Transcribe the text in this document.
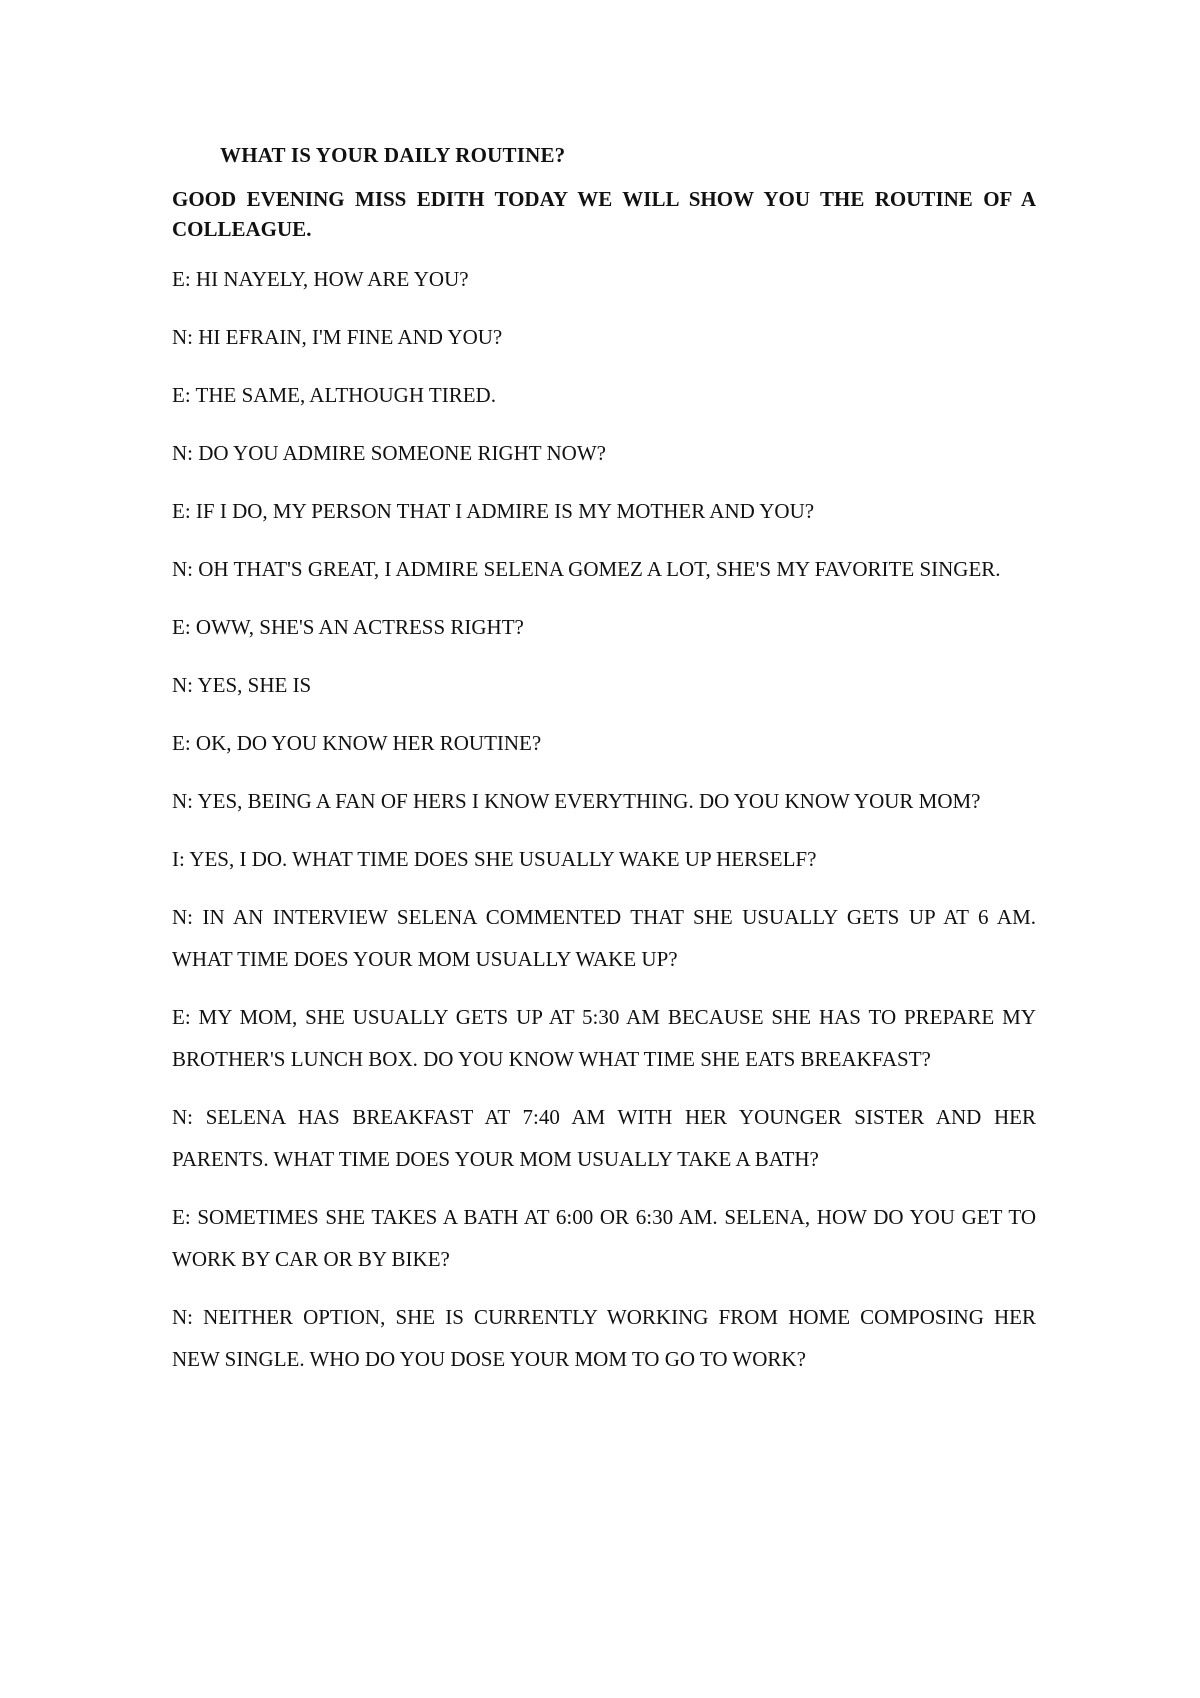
WHAT IS YOUR DAILY ROUTINE?
GOOD EVENING MISS EDITH TODAY WE WILL SHOW YOU THE ROUTINE OF A COLLEAGUE.
E: HI NAYELY, HOW ARE YOU?
N: HI EFRAIN, I'M FINE AND YOU?
E: THE SAME, ALTHOUGH TIRED.
N: DO YOU ADMIRE SOMEONE RIGHT NOW?
E: IF I DO, MY PERSON THAT I ADMIRE IS MY MOTHER AND YOU?
N: OH THAT'S GREAT, I ADMIRE SELENA GOMEZ A LOT, SHE'S MY FAVORITE SINGER.
E: OWW, SHE'S AN ACTRESS RIGHT?
N: YES, SHE IS
E: OK, DO YOU KNOW HER ROUTINE?
N: YES, BEING A FAN OF HERS I KNOW EVERYTHING. DO YOU KNOW YOUR MOM?
I: YES, I DO. WHAT TIME DOES SHE USUALLY WAKE UP HERSELF?
N: IN AN INTERVIEW SELENA COMMENTED THAT SHE USUALLY GETS UP AT 6 AM. WHAT TIME DOES YOUR MOM USUALLY WAKE UP?
E: MY MOM, SHE USUALLY GETS UP AT 5:30 AM BECAUSE SHE HAS TO PREPARE MY BROTHER'S LUNCH BOX. DO YOU KNOW WHAT TIME SHE EATS BREAKFAST?
N: SELENA HAS BREAKFAST AT 7:40 AM WITH HER YOUNGER SISTER AND HER PARENTS. WHAT TIME DOES YOUR MOM USUALLY TAKE A BATH?
E: SOMETIMES SHE TAKES A BATH AT 6:00 OR 6:30 AM. SELENA, HOW DO YOU GET TO WORK BY CAR OR BY BIKE?
N: NEITHER OPTION, SHE IS CURRENTLY WORKING FROM HOME COMPOSING HER NEW SINGLE. WHO DO YOU DOSE YOUR MOM TO GO TO WORK?
